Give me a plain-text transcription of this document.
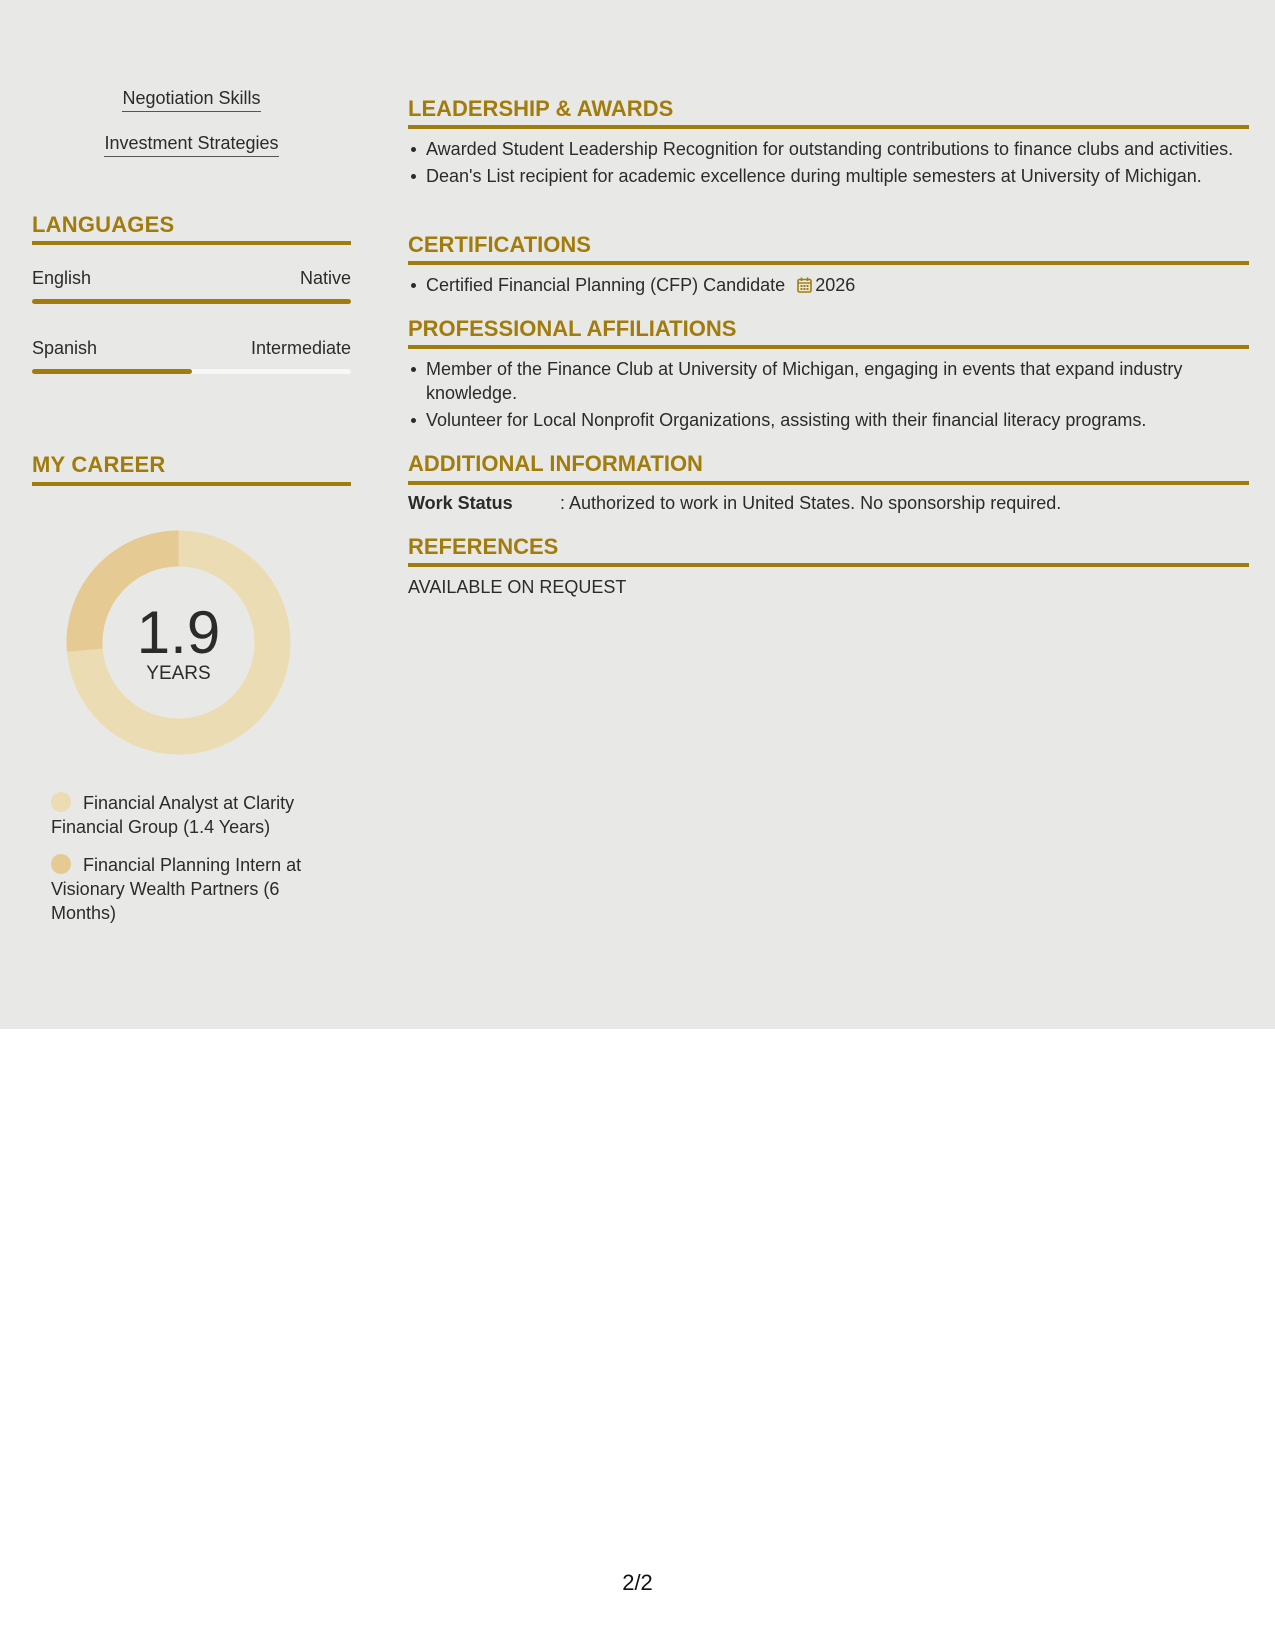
Negotiation Skills
Investment Strategies
LANGUAGES
English	Native
Spanish	Intermediate
MY CAREER
1.9
YEARS
Financial Analyst at Clarity Financial Group (1.4 Years)
Financial Planning Intern at Visionary Wealth Partners (6 Months)
LEADERSHIP & AWARDS
Awarded Student Leadership Recognition for outstanding contributions to finance clubs and activities.
Dean's List recipient for academic excellence during multiple semesters at University of Michigan.
CERTIFICATIONS
Certified Financial Planning (CFP) Candidate 2026
PROFESSIONAL AFFILIATIONS
Member of the Finance Club at University of Michigan, engaging in events that expand industry knowledge.
Volunteer for Local Nonprofit Organizations, assisting with their financial literacy programs.
ADDITIONAL INFORMATION
Work Status	: Authorized to work in United States. No sponsorship required.
REFERENCES
AVAILABLE ON REQUEST
2/2
